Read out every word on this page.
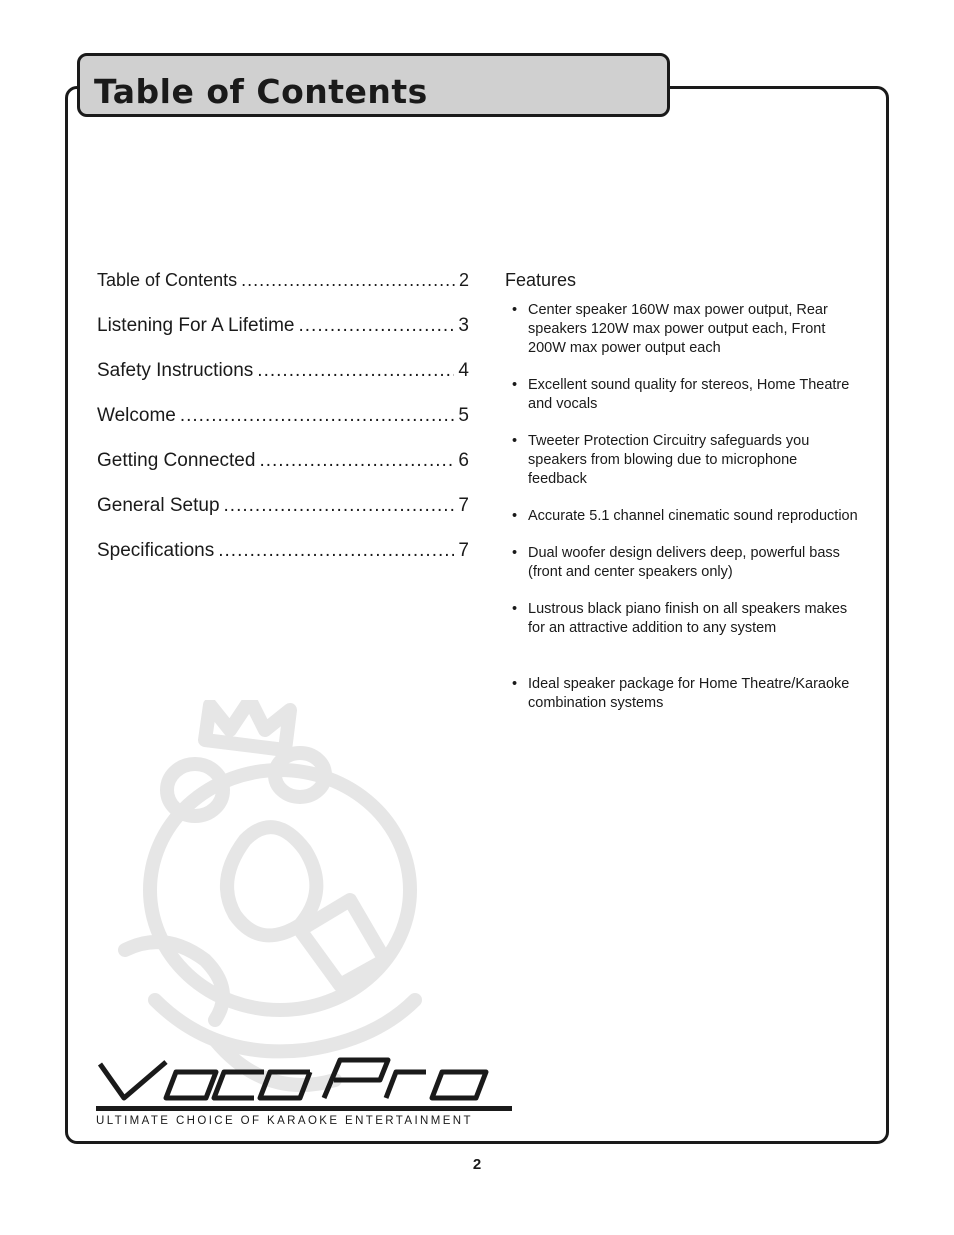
Table of Contents
Table of Contents .....	2
Listening For A Lifetime .....	3
Safety Instructions .....	4
Welcome .....	5
Getting Connected .....	6
General Setup .....	7
Specifications .....	7
Features
• Center speaker 160W max power output, Rear speakers 120W max power output each, Front 200W max power output each
• Excellent sound quality for stereos, Home Theatre and vocals
• Tweeter Protection Circuitry safeguards you speakers from blowing due to microphone feedback
• Accurate 5.1 channel cinematic sound reproduction
• Dual woofer design delivers deep, powerful bass (front and center speakers only)
• Lustrous black piano finish on all speakers makes for an attractive addition to any system
• Ideal speaker package for Home Theatre/Karaoke combination systems
ULTIMATE CHOICE OF KARAOKE ENTERTAINMENT
2
